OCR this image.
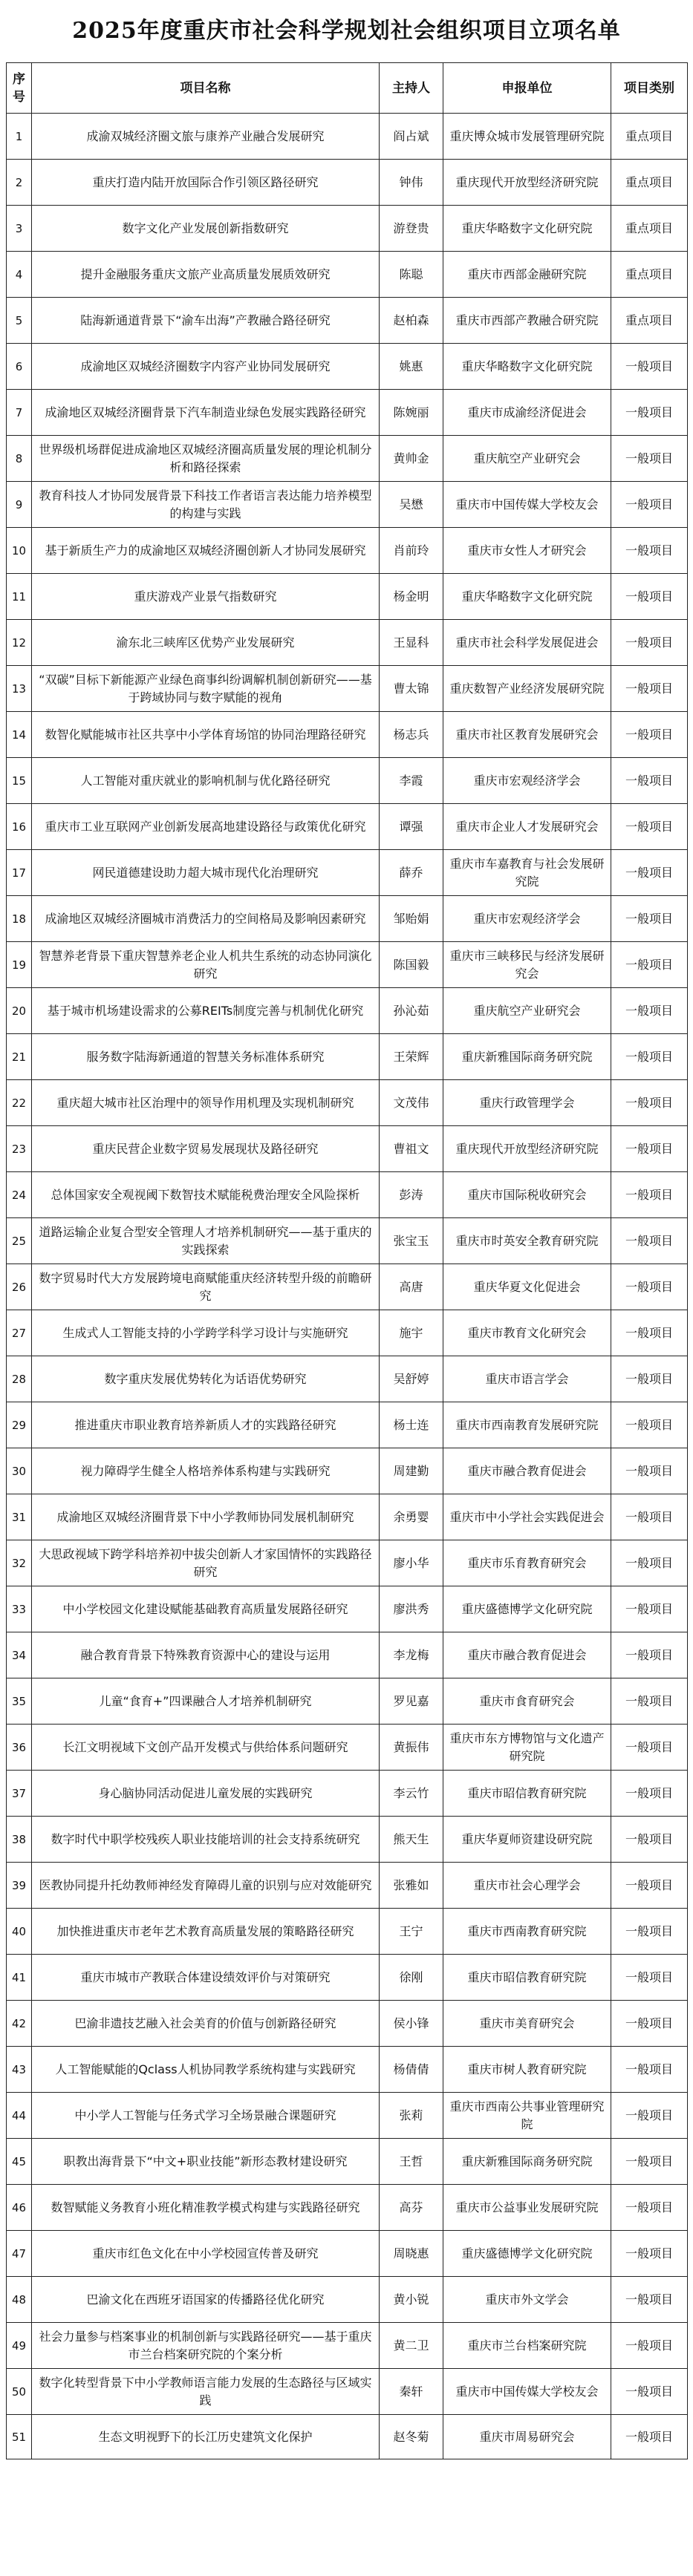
2025年度重庆市社会科学规划社会组织项目立项名单
序号	项目名称	主持人	申报单位	项目类别
1	成渝双城经济圈文旅与康养产业融合发展研究	阎占斌	重庆博众城市发展管理研究院	重点项目
2	重庆打造内陆开放国际合作引领区路径研究	钟伟	重庆现代开放型经济研究院	重点项目
3	数字文化产业发展创新指数研究	游登贵	重庆华略数字文化研究院	重点项目
4	提升金融服务重庆文旅产业高质量发展质效研究	陈聪	重庆市西部金融研究院	重点项目
5	陆海新通道背景下“渝车出海”产教融合路径研究	赵柏森	重庆市西部产教融合研究院	重点项目
6	成渝地区双城经济圈数字内容产业协同发展研究	姚惠	重庆华略数字文化研究院	一般项目
7	成渝地区双城经济圈背景下汽车制造业绿色发展实践路径研究	陈婉丽	重庆市成渝经济促进会	一般项目
8	世界级机场群促进成渝地区双城经济圈高质量发展的理论机制分析和路径探索	黄帅金	重庆航空产业研究会	一般项目
9	教育科技人才协同发展背景下科技工作者语言表达能力培养模型的构建与实践	吴懋	重庆市中国传媒大学校友会	一般项目
10	基于新质生产力的成渝地区双城经济圈创新人才协同发展研究	肖前玲	重庆市女性人才研究会	一般项目
11	重庆游戏产业景气指数研究	杨金明	重庆华略数字文化研究院	一般项目
12	渝东北三峡库区优势产业发展研究	王显科	重庆市社会科学发展促进会	一般项目
13	“双碳”目标下新能源产业绿色商事纠纷调解机制创新研究——基于跨域协同与数字赋能的视角	曹太锦	重庆数智产业经济发展研究院	一般项目
14	数智化赋能城市社区共享中小学体育场馆的协同治理路径研究	杨志兵	重庆市社区教育发展研究会	一般项目
15	人工智能对重庆就业的影响机制与优化路径研究	李霞	重庆市宏观经济学会	一般项目
16	重庆市工业互联网产业创新发展高地建设路径与政策优化研究	谭强	重庆市企业人才发展研究会	一般项目
17	网民道德建设助力超大城市现代化治理研究	薛乔	重庆市车嘉教育与社会发展研究院	一般项目
18	成渝地区双城经济圈城市消费活力的空间格局及影响因素研究	邹贻娟	重庆市宏观经济学会	一般项目
19	智慧养老背景下重庆智慧养老企业人机共生系统的动态协同演化研究	陈国毅	重庆市三峡移民与经济发展研究会	一般项目
20	基于城市机场建设需求的公募REITs制度完善与机制优化研究	孙沁茹	重庆航空产业研究会	一般项目
21	服务数字陆海新通道的智慧关务标准体系研究	王荣辉	重庆新雅国际商务研究院	一般项目
22	重庆超大城市社区治理中的领导作用机理及实现机制研究	文茂伟	重庆行政管理学会	一般项目
23	重庆民营企业数字贸易发展现状及路径研究	曹祖文	重庆现代开放型经济研究院	一般项目
24	总体国家安全观视阈下数智技术赋能税费治理安全风险探析	彭涛	重庆市国际税收研究会	一般项目
25	道路运输企业复合型安全管理人才培养机制研究——基于重庆的实践探索	张宝玉	重庆市时英安全教育研究院	一般项目
26	数字贸易时代大方发展跨境电商赋能重庆经济转型升级的前瞻研究	高唐	重庆华夏文化促进会	一般项目
27	生成式人工智能支持的小学跨学科学习设计与实施研究	施宇	重庆市教育文化研究会	一般项目
28	数字重庆发展优势转化为话语优势研究	吴舒婷	重庆市语言学会	一般项目
29	推进重庆市职业教育培养新质人才的实践路径研究	杨士连	重庆市西南教育发展研究院	一般项目
30	视力障碍学生健全人格培养体系构建与实践研究	周建勤	重庆市融合教育促进会	一般项目
31	成渝地区双城经济圈背景下中小学教师协同发展机制研究	余勇婴	重庆市中小学社会实践促进会	一般项目
32	大思政视域下跨学科培养初中拔尖创新人才家国情怀的实践路径研究	廖小华	重庆市乐育教育研究会	一般项目
33	中小学校园文化建设赋能基础教育高质量发展路径研究	廖洪秀	重庆盛德博学文化研究院	一般项目
34	融合教育背景下特殊教育资源中心的建设与运用	李龙梅	重庆市融合教育促进会	一般项目
35	儿童“食育+”四课融合人才培养机制研究	罗见嘉	重庆市食育研究会	一般项目
36	长江文明视域下文创产品开发模式与供给体系问题研究	黄振伟	重庆市东方博物馆与文化遗产研究院	一般项目
37	身心脑协同活动促进儿童发展的实践研究	李云竹	重庆市昭信教育研究院	一般项目
38	数字时代中职学校残疾人职业技能培训的社会支持系统研究	熊天生	重庆华夏师资建设研究院	一般项目
39	医教协同提升托幼教师神经发育障碍儿童的识别与应对效能研究	张雅如	重庆市社会心理学会	一般项目
40	加快推进重庆市老年艺术教育高质量发展的策略路径研究	王宁	重庆市西南教育研究院	一般项目
41	重庆市城市产教联合体建设绩效评价与对策研究	徐刚	重庆市昭信教育研究院	一般项目
42	巴渝非遗技艺融入社会美育的价值与创新路径研究	侯小锋	重庆市美育研究会	一般项目
43	人工智能赋能的Qclass人机协同教学系统构建与实践研究	杨倩倩	重庆市树人教育研究院	一般项目
44	中小学人工智能与任务式学习全场景融合课题研究	张莉	重庆市西南公共事业管理研究院	一般项目
45	职教出海背景下“中文+职业技能”新形态教材建设研究	王哲	重庆新雅国际商务研究院	一般项目
46	数智赋能义务教育小班化精准教学模式构建与实践路径研究	高芬	重庆市公益事业发展研究院	一般项目
47	重庆市红色文化在中小学校园宣传普及研究	周晓惠	重庆盛德博学文化研究院	一般项目
48	巴渝文化在西班牙语国家的传播路径优化研究	黄小锐	重庆市外文学会	一般项目
49	社会力量参与档案事业的机制创新与实践路径研究——基于重庆市兰台档案研究院的个案分析	黄二卫	重庆市兰台档案研究院	一般项目
50	数字化转型背景下中小学教师语言能力发展的生态路径与区域实践	秦轩	重庆市中国传媒大学校友会	一般项目
51	生态文明视野下的长江历史建筑文化保护	赵冬菊	重庆市周易研究会	一般项目
